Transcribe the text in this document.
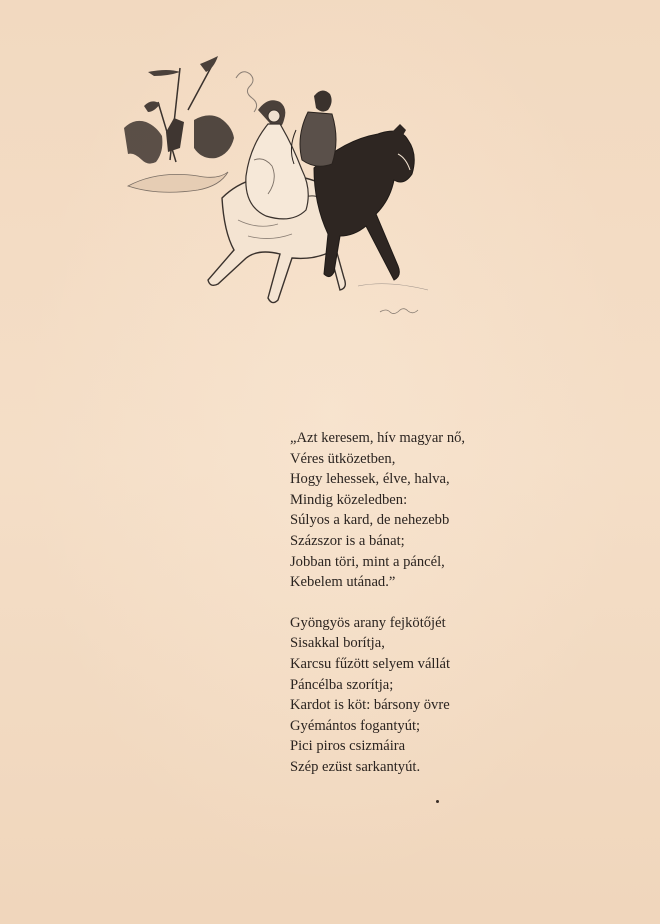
„Azt keresem, hív magyar nő,
Véres ütközetben,
Hogy lehessek, élve, halva,
Mindig közeledben:
Súlyos a kard, de nehezebb
Százszor is a bánat;
Jobban töri, mint a páncél,
Kebelem utánad.”

Gyöngyös arany fejkötőjét
Sisakkal borítja,
Karcsu fűzött selyem vállát
Páncélba szorítja;
Kardot is köt: bársony övre
Gyémántos fogantyút;
Pici piros csizmáira
Szép ezüst sarkantyút.
